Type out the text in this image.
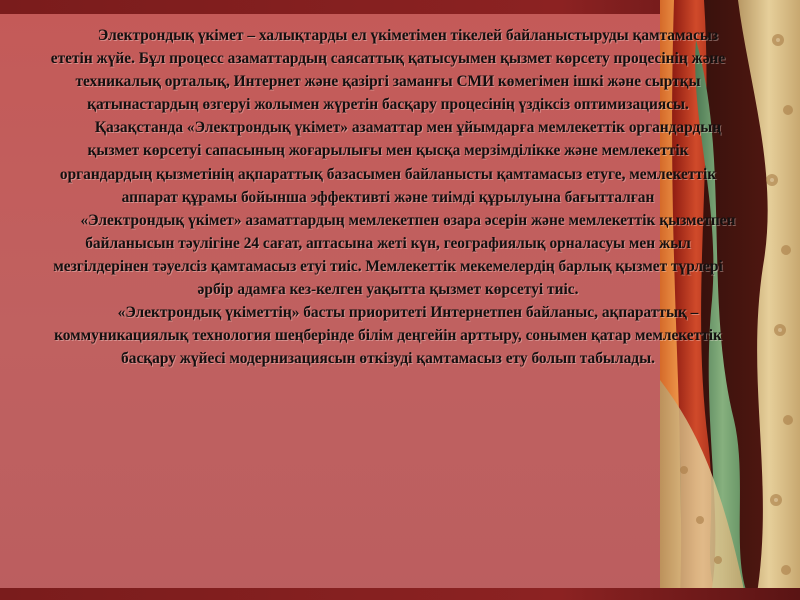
Электрондық үкімет – халықтарды ел үкіметімен тікелей байланыстыруды қамтамасыз ететін жүйе. Бұл процесс азаматтардың саясаттық қатысуымен қызмет көрсету процесінің және техникалық орталық, Интернет және қазіргі заманғы СМИ көмегімен ішкі және сыртқы қатынастардың өзгеруі жолымен жүретін басқару процесінің үздіксіз оптимизациясы.

Қазақстанда «Электрондық үкімет» азаматтар мен ұйымдарға мемлекеттік органдардың қызмет көрсетуі сапасының жоғарылығы мен қысқа мерзімділікке және мемлекеттік органдардың қызметінің ақпараттық базасымен байланысты қамтамасыз етуге, мемлекеттік аппарат құрамы бойынша эффективті және тиімді құрылуына бағытталған

«Электрондық үкімет» азаматтардың мемлекетпен өзара әсерін және мемлекеттік қызметпен байланысын тәулігіне 24 сағат, аптасына жеті күн, географиялық орналасуы мен жыл мезгілдерінен тәуелсіз қамтамасыз етуі тиіс. Мемлекеттік мекемелердің барлық қызмет түрлері әрбір адамға кез-келген уақытта қызмет көрсетуі тиіс.

«Электрондық үкіметтің» басты приоритеті Интернетпен байланыс, ақпараттық – коммуникациялық технология шеңберінде білім деңгейін арттыру, сонымен қатар мемлекеттік басқару жүйесі модернизациясын өткізуді қамтамасыз ету болып табылады.
